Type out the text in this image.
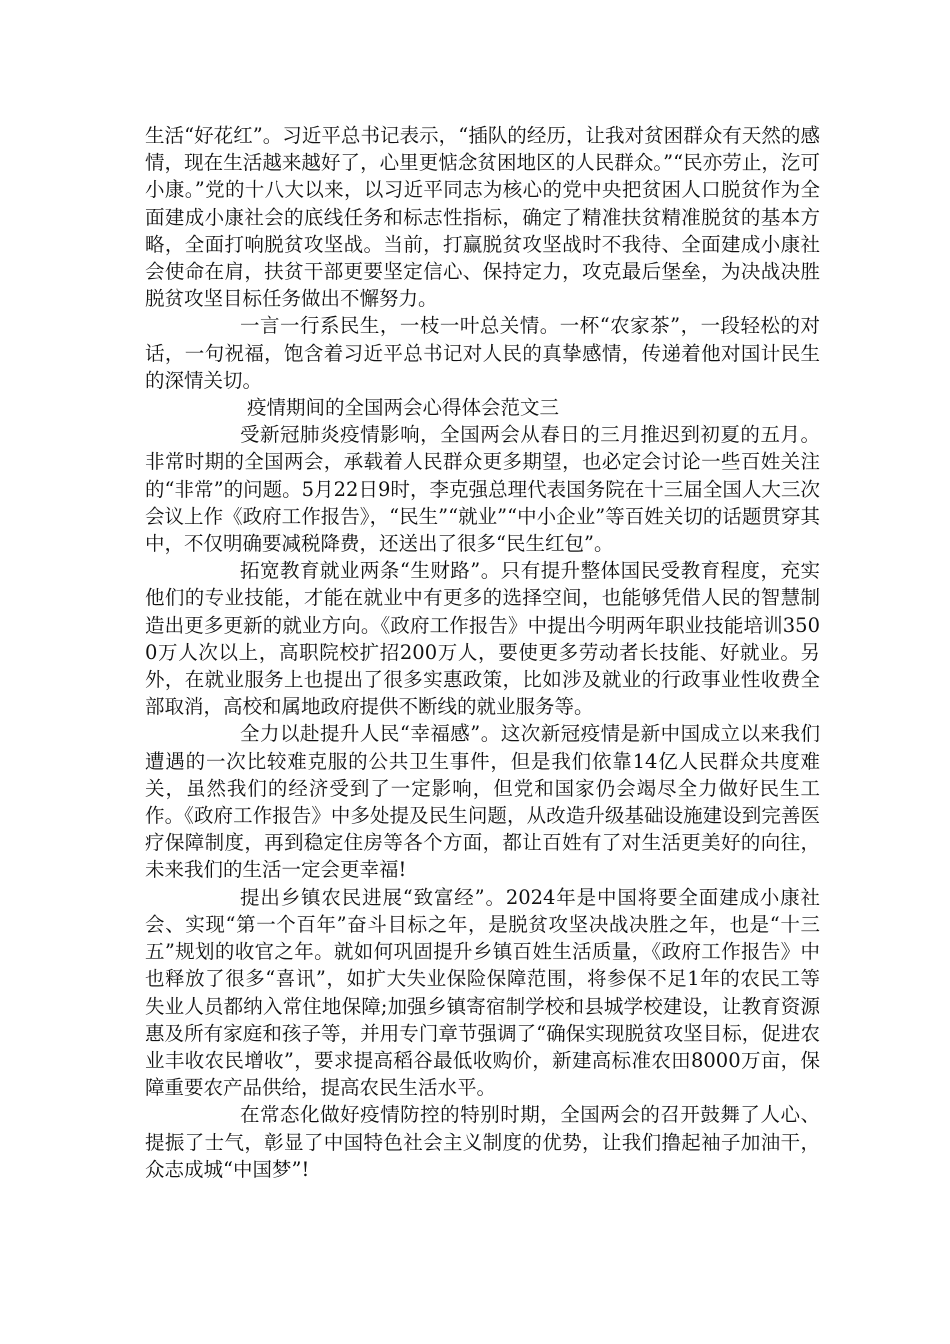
生活“好花红”。习近平总书记表示，“插队的经历，让我对贫困群众有天然的感情，现在生活越来越好了，心里更惦念贫困地区的人民群众。”“民亦劳止，汔可小康。”党的十八大以来，以习近平同志为核心的党中央把贫困人口脱贫作为全面建成小康社会的底线任务和标志性指标，确定了精准扶贫精准脱贫的基本方略，全面打响脱贫攻坚战。当前，打赢脱贫攻坚战时不我待、全面建成小康社会使命在肩，扶贫干部更要坚定信心、保持定力，攻克最后堡垒，为决战决胜脱贫攻坚目标任务做出不懈努力。

一言一行系民生，一枝一叶总关情。一杯“农家茶”，一段轻松的对话，一句祝福，饱含着习近平总书记对人民的真挚感情，传递着他对国计民生的深情关切。

疫情期间的全国两会心得体会范文三

受新冠肺炎疫情影响，全国两会从春日的三月推迟到初夏的五月。非常时期的全国两会，承载着人民群众更多期望，也必定会讨论一些百姓关注的“非常”的问题。5月22日9时，李克强总理代表国务院在十三届全国人大三次会议上作《政府工作报告》，“民生”“就业”“中小企业”等百姓关切的话题贯穿其中，不仅明确要减税降费，还送出了很多“民生红包”。

拓宽教育就业两条“生财路”。只有提升整体国民受教育程度，充实他们的专业技能，才能在就业中有更多的选择空间，也能够凭借人民的智慧制造出更多更新的就业方向。《政府工作报告》中提出今明两年职业技能培训3500万人次以上，高职院校扩招200万人，要使更多劳动者长技能、好就业。另外，在就业服务上也提出了很多实惠政策，比如涉及就业的行政事业性收费全部取消，高校和属地政府提供不断线的就业服务等。

全力以赴提升人民“幸福感”。这次新冠疫情是新中国成立以来我们遭遇的一次比较难克服的公共卫生事件，但是我们依靠14亿人民群众共度难关，虽然我们的经济受到了一定影响，但党和国家仍会竭尽全力做好民生工作。《政府工作报告》中多处提及民生问题，从改造升级基础设施建设到完善医疗保障制度，再到稳定住房等各个方面，都让百姓有了对生活更美好的向往，未来我们的生活一定会更幸福!

提出乡镇农民进展“致富经”。2024年是中国将要全面建成小康社会、实现“第一个百年”奋斗目标之年，是脱贫攻坚决战决胜之年，也是“十三五”规划的收官之年。就如何巩固提升乡镇百姓生活质量，《政府工作报告》中也释放了很多“喜讯”，如扩大失业保险保障范围，将参保不足1年的农民工等失业人员都纳入常住地保障;加强乡镇寄宿制学校和县城学校建设，让教育资源惠及所有家庭和孩子等，并用专门章节强调了“确保实现脱贫攻坚目标，促进农业丰收农民增收”，要求提高稻谷最低收购价，新建高标准农田8000万亩，保障重要农产品供给，提高农民生活水平。

在常态化做好疫情防控的特别时期，全国两会的召开鼓舞了人心、提振了士气，彰显了中国特色社会主义制度的优势，让我们撸起袖子加油干，众志成城“中国梦”!
